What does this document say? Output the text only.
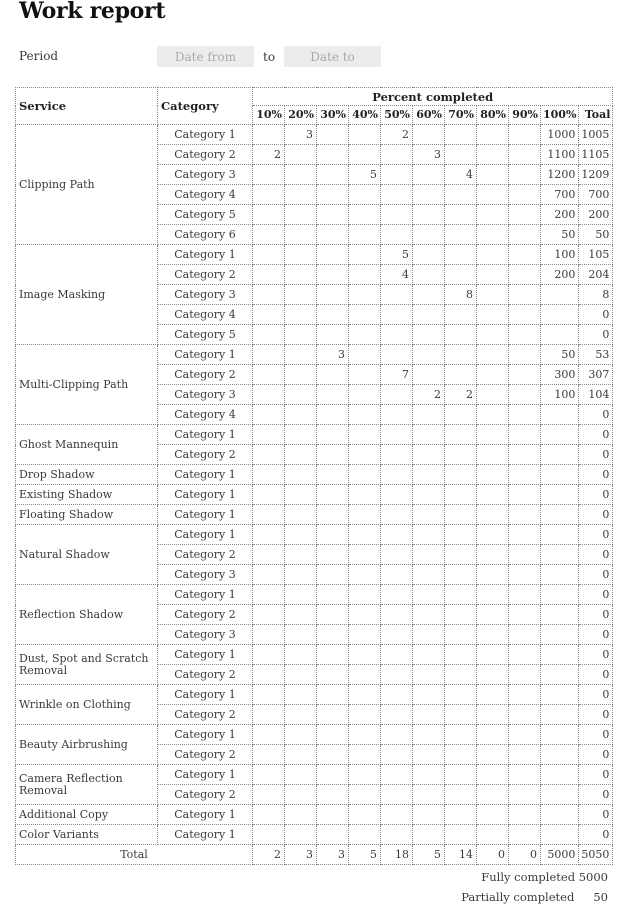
Work report
Period
Date from	to
Date to
Service	Category	Percent completed										
		10%	20%	30%	40%	50%	60%	70%	80%	90%	100%	Toal
Clipping Path	Category 1		3			2					1000	1005
	Category 2	2					3				1100	1105
	Category 3				5			4			1200	1209
	Category 4										700	700
	Category 5										200	200
	Category 6										50	50
Image Masking	Category 1					5					100	105
	Category 2					4					200	204
	Category 3							8				8
	Category 4											0
	Category 5											0
Multi-Clipping Path	Category 1			3							50	53
	Category 2					7					300	307
	Category 3						2	2			100	104
	Category 4											0
Ghost Mannequin	Category 1											0
	Category 2											0
Drop Shadow	Category 1											0
Existing Shadow	Category 1											0
Floating Shadow	Category 1											0
Natural Shadow	Category 1											0
	Category 2											0
	Category 3											0
Reflection Shadow	Category 1											0
	Category 2											0
	Category 3											0
Dust, Spot and Scratch Removal	Category 1											0
	Category 2											0
Wrinkle on Clothing	Category 1											0
	Category 2											0
Beauty Airbrushing	Category 1											0
	Category 2											0
Camera Reflection Removal	Category 1											0
	Category 2											0
Additional Copy	Category 1											0
Color Variants	Category 1											0
Total		2	3	3	5	18	5	14	0	0	5000	5050
Fully completed 5000
Partially completed 50
